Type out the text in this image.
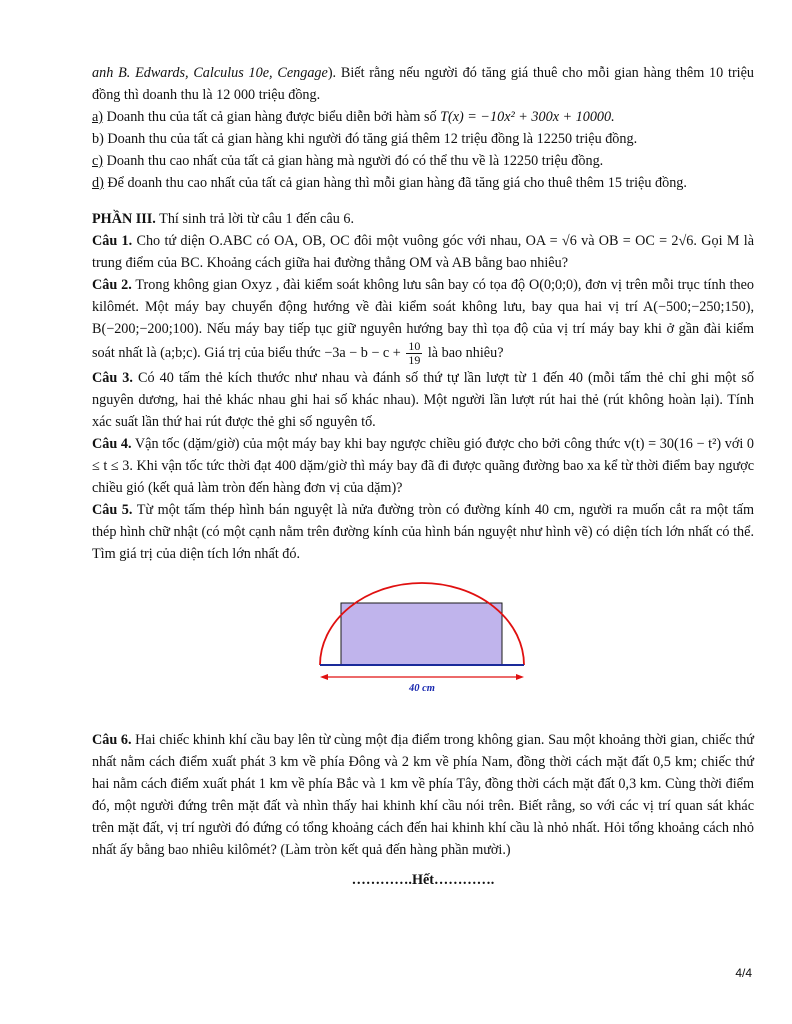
anh B. Edwards, Calculus 10e, Cengage). Biết rằng nếu người đó tăng giá thuê cho mỗi gian hàng thêm 10 triệu đồng thì doanh thu là 12 000 triệu đồng.

a) Doanh thu của tất cả gian hàng được biểu diễn bởi hàm số T(x) = −10x² + 300x + 10000.

b) Doanh thu của tất cả gian hàng khi người đó tăng giá thêm 12 triệu đồng là 12250 triệu đồng.

c) Doanh thu cao nhất của tất cả gian hàng mà người đó có thể thu về là 12250 triệu đồng.

d) Để doanh thu cao nhất của tất cả gian hàng thì mỗi gian hàng đã tăng giá cho thuê thêm 15 triệu đồng.

PHẦN III. Thí sinh trả lời từ câu 1 đến câu 6.

Câu 1. Cho tứ diện O.ABC có OA, OB, OC đôi một vuông góc với nhau, OA = √6 và OB = OC = 2√6. Gọi M là trung điểm của BC. Khoảng cách giữa hai đường thẳng OM và AB bằng bao nhiêu?

Câu 2. Trong không gian Oxyz , đài kiểm soát không lưu sân bay có tọa độ O(0;0;0), đơn vị trên mỗi trục tính theo kilômét. Một máy bay chuyển động hướng về đài kiểm soát không lưu, bay qua hai vị trí A(−500;−250;150), B(−200;−200;100). Nếu máy bay tiếp tục giữ nguyên hướng bay thì tọa độ của vị trí máy bay khi ở gần đài kiểm soát nhất là (a;b;c). Giá trị của biểu thức $-3a - b - c + \frac{10}{19}$ là bao nhiêu?

Câu 3. Có 40 tấm thẻ kích thước như nhau và đánh số thứ tự lần lượt từ 1 đến 40 (mỗi tấm thẻ chỉ ghi một số nguyên dương, hai thẻ khác nhau ghi hai số khác nhau). Một người lần lượt rút hai thẻ (rút không hoàn lại). Tính xác suất lần thứ hai rút được thẻ ghi số nguyên tố.

Câu 4. Vận tốc (dặm/giờ) của một máy bay khi bay ngược chiều gió được cho bởi công thức v(t) = 30(16 − t²) với 0 ≤ t ≤ 3. Khi vận tốc tức thời đạt 400 dặm/giờ thì máy bay đã đi được quãng đường bao xa kể từ thời điểm bay ngược chiều gió (kết quả làm tròn đến hàng đơn vị của dặm)?

Câu 5. Từ một tấm thép hình bán nguyệt là nửa đường tròn có đường kính 40 cm, người ra muốn cắt ra một tấm thép hình chữ nhật (có một cạnh nằm trên đường kính của hình bán nguyệt như hình vẽ) có diện tích lớn nhất có thể. Tìm giá trị của diện tích lớn nhất đó.

40 cm

Câu 6. Hai chiếc khinh khí cầu bay lên từ cùng một địa điểm trong không gian. Sau một khoảng thời gian, chiếc thứ nhất nằm cách điểm xuất phát 3 km về phía Đông và 2 km về phía Nam, đồng thời cách mặt đất 0,5 km; chiếc thứ hai nằm cách điểm xuất phát 1 km về phía Bắc và 1 km về phía Tây, đồng thời cách mặt đất 0,3 km. Cùng thời điểm đó, một người đứng trên mặt đất và nhìn thấy hai khinh khí cầu nói trên. Biết rằng, so với các vị trí quan sát khác trên mặt đất, vị trí người đó đứng có tổng khoảng cách đến hai khinh khí cầu là nhỏ nhất. Hỏi tổng khoảng cách nhỏ nhất ấy bằng bao nhiêu kilômét? (Làm tròn kết quả đến hàng phần mười.)

………….Hết………….

4/4
